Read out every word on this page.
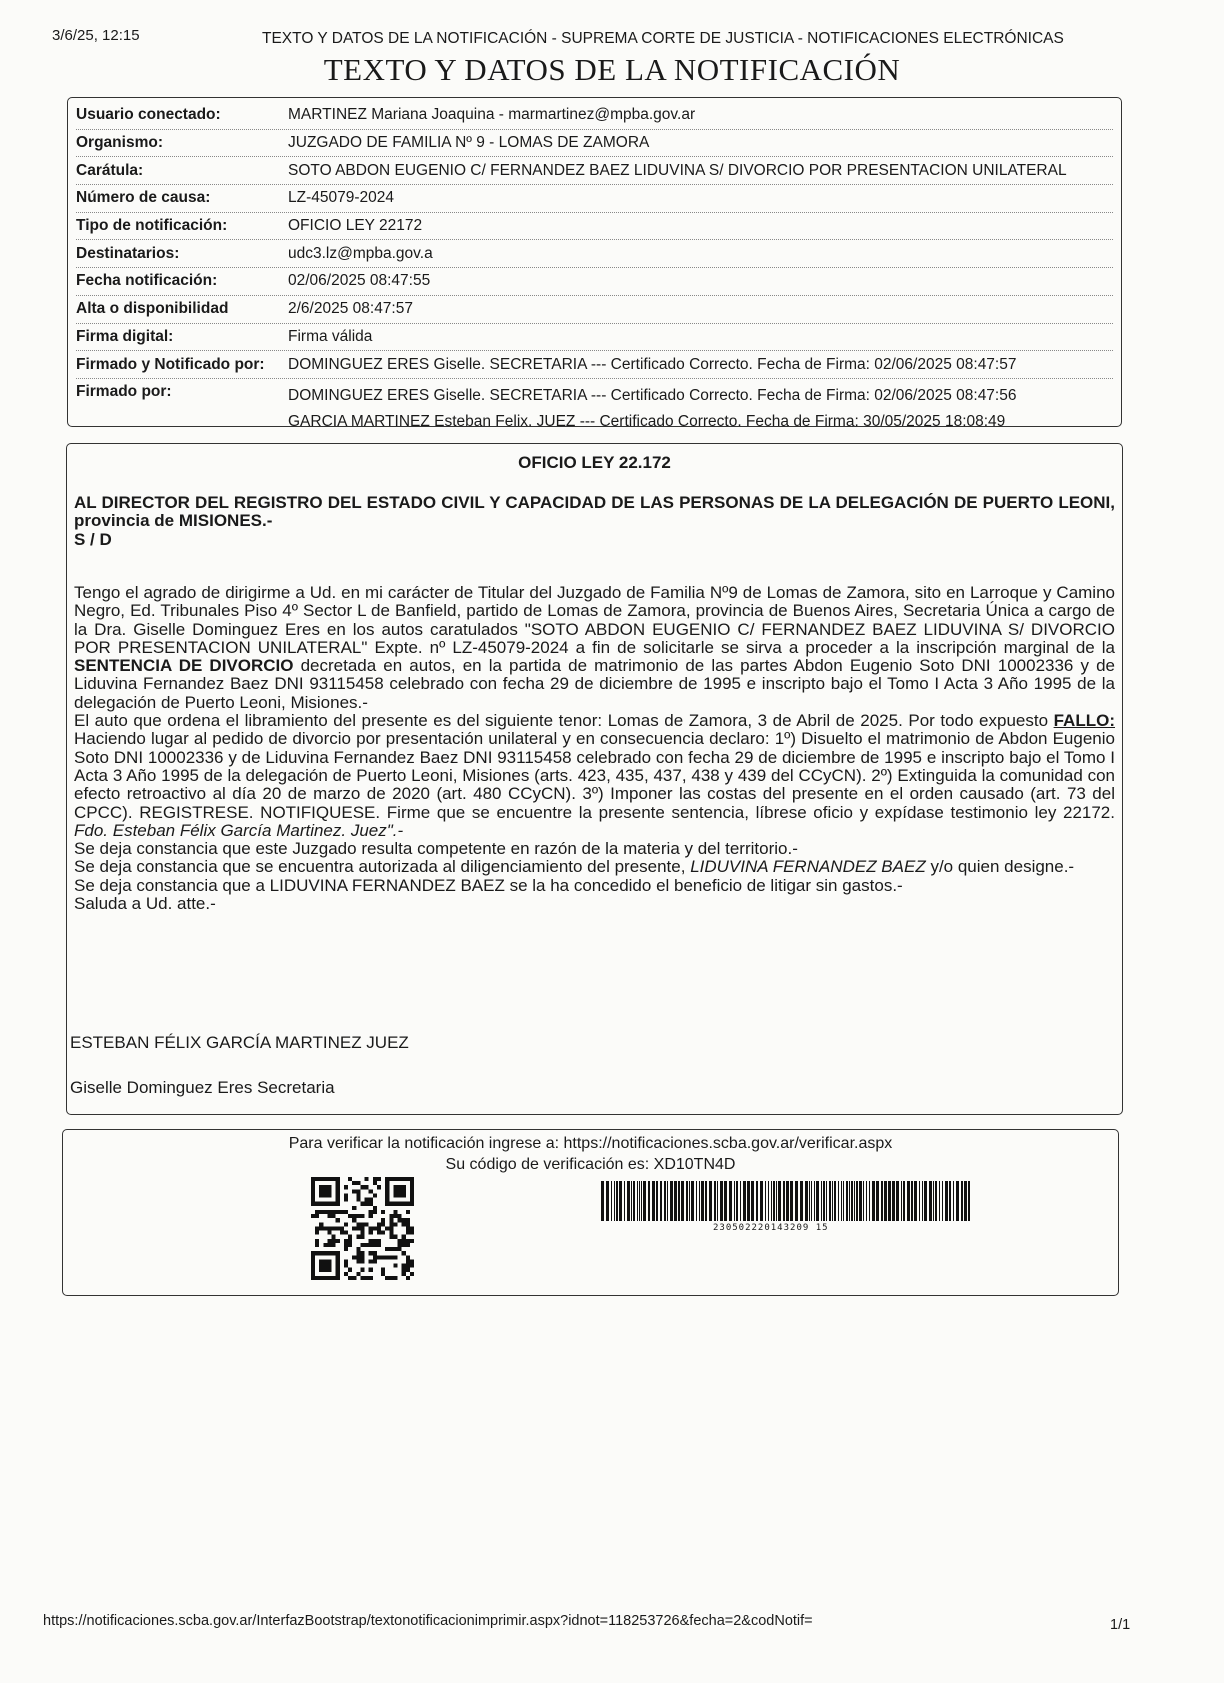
3/6/25, 12:15	TEXTO Y DATOS DE LA NOTIFICACIÓN - SUPREMA CORTE DE JUSTICIA - NOTIFICACIONES ELECTRÓNICAS
TEXTO Y DATOS DE LA NOTIFICACIÓN
Usuario conectado:	MARTINEZ Mariana Joaquina - marmartinez@mpba.gov.ar
Organismo:	JUZGADO DE FAMILIA Nº 9 - LOMAS DE ZAMORA
Carátula:	SOTO ABDON EUGENIO C/ FERNANDEZ BAEZ LIDUVINA S/ DIVORCIO POR PRESENTACION UNILATERAL
Número de causa:	LZ-45079-2024
Tipo de notificación:	OFICIO LEY 22172
Destinatarios:	udc3.lz@mpba.gov.a
Fecha notificación:	02/06/2025 08:47:55
Alta o disponibilidad	2/6/2025 08:47:57
Firma digital:	Firma válida
Firmado y Notificado por:	DOMINGUEZ ERES Giselle. SECRETARIA --- Certificado Correcto. Fecha de Firma: 02/06/2025 08:47:57
Firmado por:	DOMINGUEZ ERES Giselle. SECRETARIA --- Certificado Correcto. Fecha de Firma: 02/06/2025 08:47:56
GARCIA MARTINEZ Esteban Felix. JUEZ --- Certificado Correcto. Fecha de Firma: 30/05/2025 18:08:49
OFICIO LEY 22.172
AL DIRECTOR DEL REGISTRO DEL ESTADO CIVIL Y CAPACIDAD DE LAS PERSONAS DE LA DELEGACIÓN DE PUERTO LEONI, provincia de MISIONES.-
S / D

Tengo el agrado de dirigirme a Ud. en mi carácter de Titular del Juzgado de Familia Nº9 de Lomas de Zamora, sito en Larroque y Camino Negro, Ed. Tribunales Piso 4º Sector L de Banfield, partido de Lomas de Zamora, provincia de Buenos Aires, Secretaria Única a cargo de la Dra. Giselle Dominguez Eres en los autos caratulados "SOTO ABDON EUGENIO C/ FERNANDEZ BAEZ LIDUVINA S/ DIVORCIO POR PRESENTACION UNILATERAL" Expte. nº LZ-45079-2024 a fin de solicitarle se sirva a proceder a la inscripción marginal de la SENTENCIA DE DIVORCIO decretada en autos, en la partida de matrimonio de las partes Abdon Eugenio Soto DNI 10002336 y de Liduvina Fernandez Baez DNI 93115458 celebrado con fecha 29 de diciembre de 1995 e inscripto bajo el Tomo I Acta 3 Año 1995 de la delegación de Puerto Leoni, Misiones.-

El auto que ordena el libramiento del presente es del siguiente tenor: Lomas de Zamora, 3 de Abril de 2025. Por todo expuesto FALLO: Haciendo lugar al pedido de divorcio por presentación unilateral y en consecuencia declaro: 1º) Disuelto el matrimonio de Abdon Eugenio Soto DNI 10002336 y de Liduvina Fernandez Baez DNI 93115458 celebrado con fecha 29 de diciembre de 1995 e inscripto bajo el Tomo I Acta 3 Año 1995 de la delegación de Puerto Leoni, Misiones (arts. 423, 435, 437, 438 y 439 del CCyCN). 2º) Extinguida la comunidad con efecto retroactivo al día 20 de marzo de 2020 (art. 480 CCyCN). 3º) Imponer las costas del presente en el orden causado (art. 73 del CPCC). REGISTRESE. NOTIFIQUESE. Firme que se encuentre la presente sentencia, líbrese oficio y expídase testimonio ley 22172. Fdo. Esteban Félix García Martinez. Juez".-

Se deja constancia que este Juzgado resulta competente en razón de la materia y del territorio.-

Se deja constancia que se encuentra autorizada al diligenciamiento del presente, LIDUVINA FERNANDEZ BAEZ y/o quien designe.-

Se deja constancia que a LIDUVINA FERNANDEZ BAEZ se la ha concedido el beneficio de litigar sin gastos.-

Saluda a Ud. atte.-

ESTEBAN FÉLIX GARCÍA MARTINEZ JUEZ
Giselle Dominguez Eres Secretaria
Para verificar la notificación ingrese a: https://notificaciones.scba.gov.ar/verificar.aspx
Su código de verificación es: XD10TN4D
230502220143209 15
https://notificaciones.scba.gov.ar/InterfazBootstrap/textonotificacionimprimir.aspx?idnot=118253726&fecha=2&codNotif=	1/1
